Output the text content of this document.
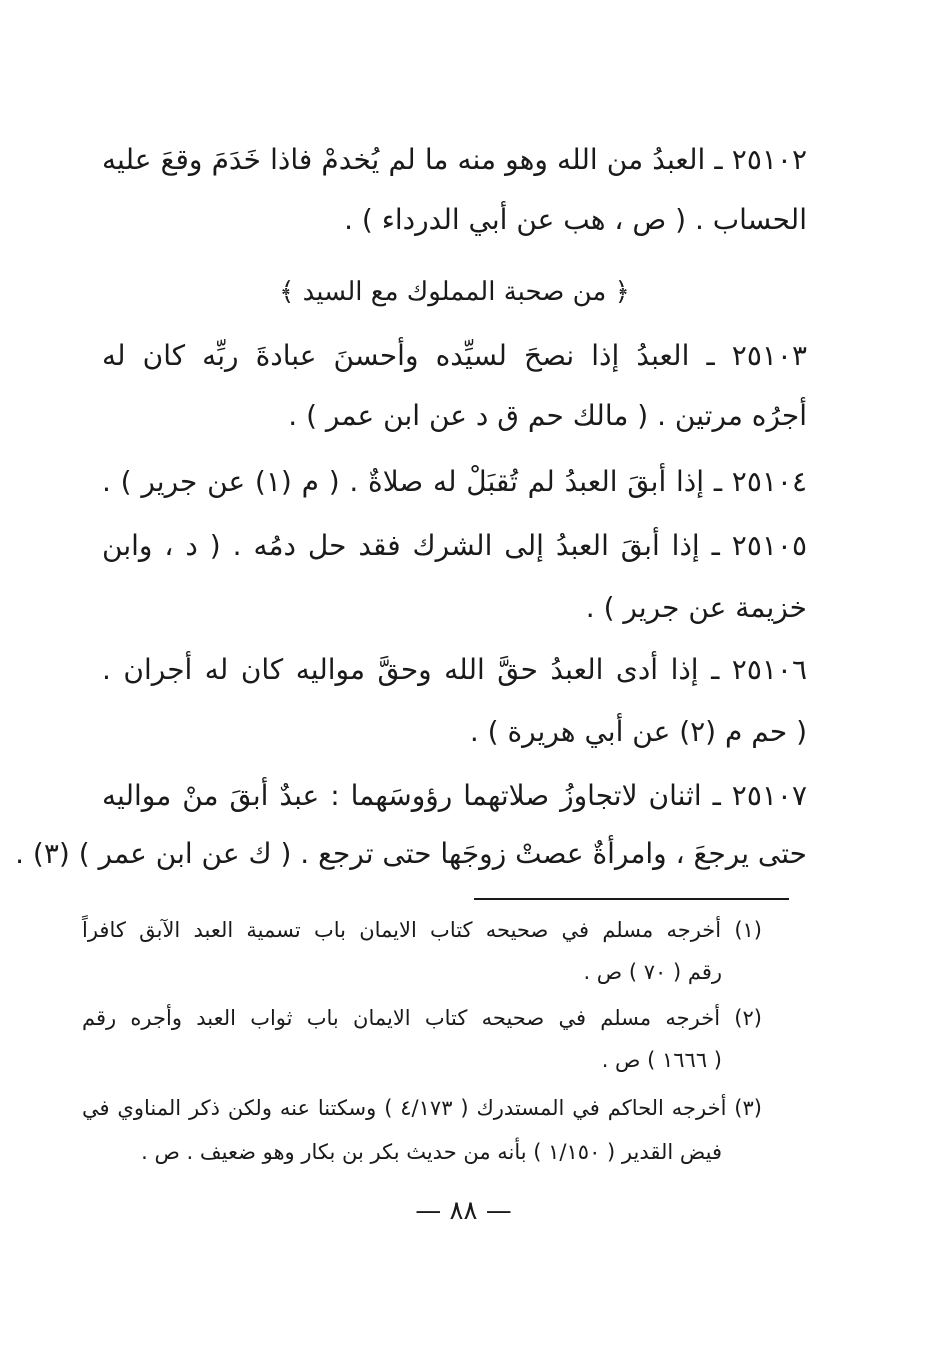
٢٥١٠٢ ـ العبدُ من الله وهو منه ما لم يُخدمْ فاذا خَدَمَ وقعَ عليه
الحساب . ( ص ، هب عن أبي الدرداء ) .
﴿ من صحبة المملوك مع السيد ﴾
٢٥١٠٣ ـ العبدُ إذا نصحَ لسيِّده وأحسنَ عبادةَ ربِّه كان له
أجرُه مرتين . ( مالك حم ق د عن ابن عمر ) .
٢٥١٠٤ ـ إذا أبقَ العبدُ لم تُقبَلْ له صلاةٌ . ( م (١) عن جرير ) .
٢٥١٠٥ ـ إذا أبقَ العبدُ إلى الشرك فقد حل دمُه . ( د ، وابن
خزيمة عن جرير ) .
٢٥١٠٦ ـ إذا أدى العبدُ حقَّ الله وحقَّ مواليه كان له أجران .
( حم م (٢) عن أبي هريرة ) .
٢٥١٠٧ ـ اثنان لاتجاوزُ صلاتهما رؤوسَهما : عبدٌ أبقَ منْ مواليه
حتى يرجعَ ، وامرأةٌ عصتْ زوجَها حتى ترجع . ( ك عن ابن عمر ) (٣) .
(١) أخرجه مسلم في صحيحه كتاب الايمان باب تسمية العبد الآبق كافراً
رقم ( ٧٠ ) ص .
(٢) أخرجه مسلم في صحيحه كتاب الايمان باب ثواب العبد وأجره رقم
( ١٦٦٦ ) ص .
(٣) أخرجه الحاكم في المستدرك ( ٤/١٧٣ ) وسكتنا عنه ولكن ذكر المناوي في
فيض القدير ( ١/١٥٠ ) بأنه من حديث بكر بن بكار وهو ضعيف . ص .
— ٨٨ —
